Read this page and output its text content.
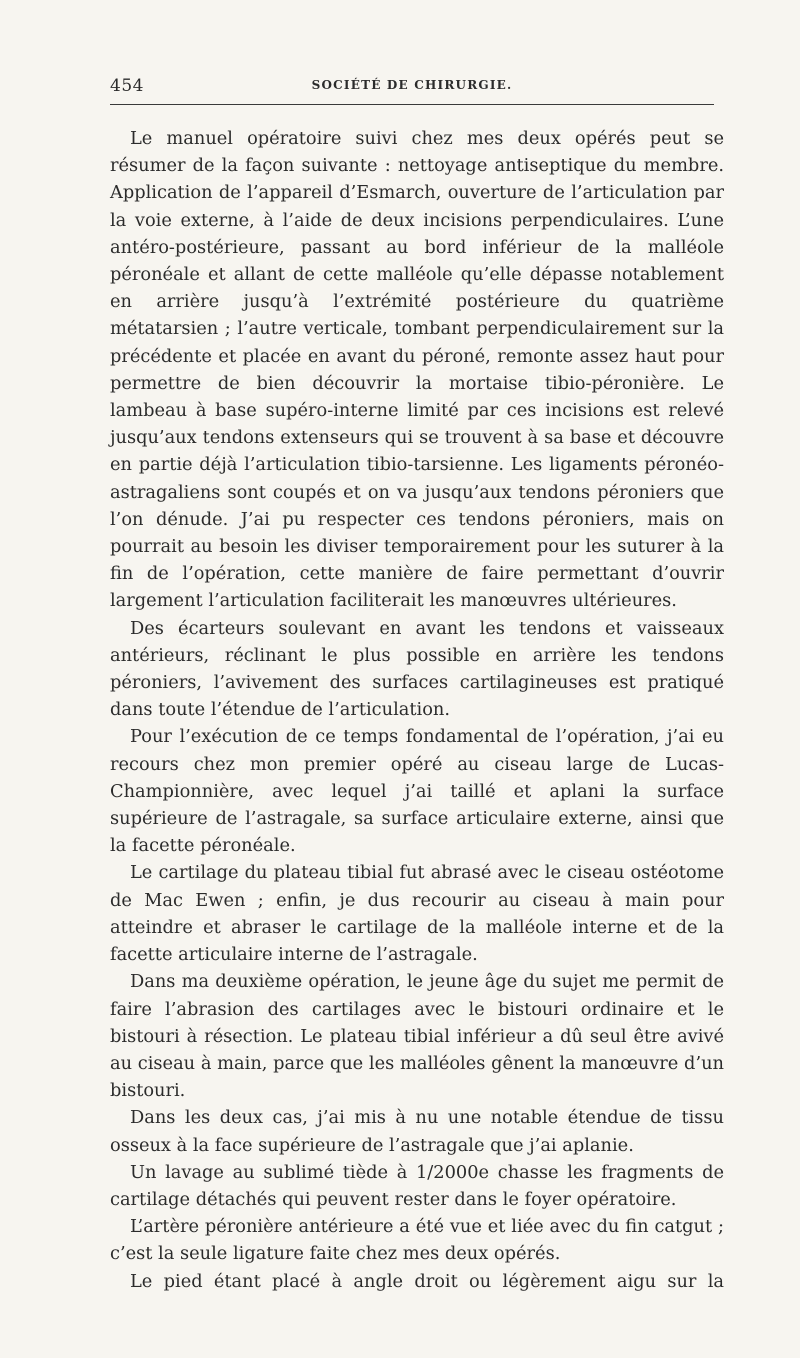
454	SOCIÉTÉ DE CHIRURGIE.

Le manuel opératoire suivi chez mes deux opérés peut se résumer de la façon suivante : nettoyage antiseptique du membre. Application de l’appareil d’Esmarch, ouverture de l’articulation par la voie externe, à l’aide de deux incisions perpendiculaires. L’une antéro-postérieure, passant au bord inférieur de la malléole péronéale et allant de cette malléole qu’elle dépasse notablement en arrière jusqu’à l’extrémité postérieure du quatrième métatarsien ; l’autre verticale, tombant perpendiculairement sur la précédente et placée en avant du péroné, remonte assez haut pour permettre de bien découvrir la mortaise tibio-péronière. Le lambeau à base supéro-interne limité par ces incisions est relevé jusqu’aux tendons extenseurs qui se trouvent à sa base et découvre en partie déjà l’articulation tibio-tarsienne. Les ligaments péronéo-astragaliens sont coupés et on va jusqu’aux tendons péroniers que l’on dénude. J’ai pu respecter ces tendons péroniers, mais on pourrait au besoin les diviser temporairement pour les suturer à la fin de l’opération, cette manière de faire permettant d’ouvrir largement l’articulation faciliterait les manœuvres ultérieures.

Des écarteurs soulevant en avant les tendons et vaisseaux antérieurs, réclinant le plus possible en arrière les tendons péroniers, l’avivement des surfaces cartilagineuses est pratiqué dans toute l’étendue de l’articulation.

Pour l’exécution de ce temps fondamental de l’opération, j’ai eu recours chez mon premier opéré au ciseau large de Lucas-Championnière, avec lequel j’ai taillé et aplani la surface supérieure de l’astragale, sa surface articulaire externe, ainsi que la facette péronéale.

Le cartilage du plateau tibial fut abrasé avec le ciseau ostéotome de Mac Ewen ; enfin, je dus recourir au ciseau à main pour atteindre et abraser le cartilage de la malléole interne et de la facette articulaire interne de l’astragale.

Dans ma deuxième opération, le jeune âge du sujet me permit de faire l’abrasion des cartilages avec le bistouri ordinaire et le bistouri à résection. Le plateau tibial inférieur a dû seul être avivé au ciseau à main, parce que les malléoles gênent la manœuvre d’un bistouri.

Dans les deux cas, j’ai mis à nu une notable étendue de tissu osseux à la face supérieure de l’astragale que j’ai aplanie.

Un lavage au sublimé tiède à 1/2000e chasse les fragments de cartilage détachés qui peuvent rester dans le foyer opératoire.

L’artère péronière antérieure a été vue et liée avec du fin catgut ; c’est la seule ligature faite chez mes deux opérés.

Le pied étant placé à angle droit ou légèrement aigu sur la
